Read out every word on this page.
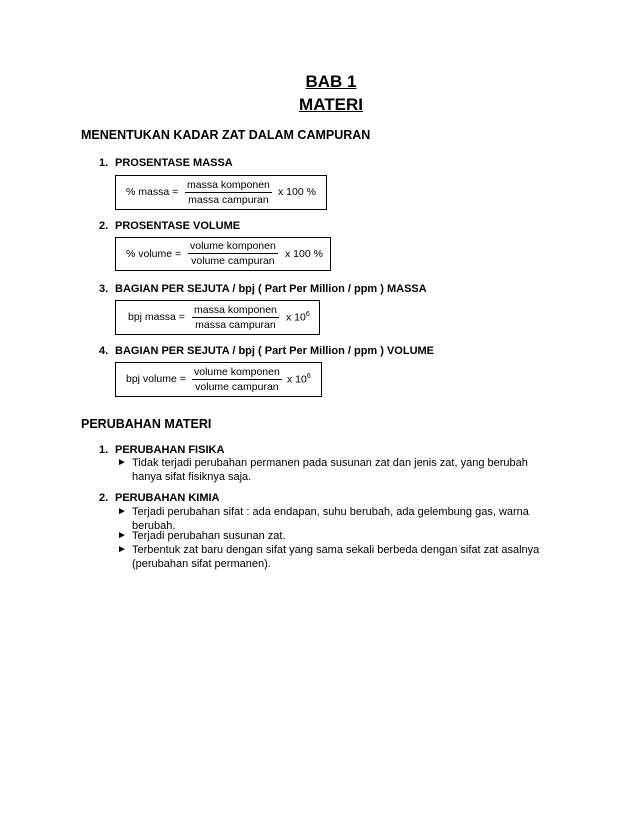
BAB 1
MATERI
MENENTUKAN KADAR ZAT DALAM CAMPURAN
1. PROSENTASE MASSA
% massa =
massa komponen
massa campuran
x 100 %
2. PROSENTASE VOLUME
% volume =
volume komponen
volume campuran
x 100 %
3. BAGIAN PER SEJUTA / bpj ( Part Per Million / ppm ) MASSA
bpj massa =
massa komponen
massa campuran
x $10^6$
4. BAGIAN PER SEJUTA / bpj ( Part Per Million / ppm ) VOLUME
bpj volume =
volume komponen
volume campuran
x $10^6$
PERUBAHAN MATERI
1. PERUBAHAN FISIKA
► Tidak terjadi perubahan permanen pada susunan zat dan jenis zat, yang berubah hanya sifat fisiknya saja.
2. PERUBAHAN KIMIA
► Terjadi perubahan sifat : ada endapan, suhu berubah, ada gelembung gas, warna berubah.
► Terjadi perubahan susunan zat.
► Terbentuk zat baru dengan sifat yang sama sekali berbeda dengan sifat zat asalnya (perubahan sifat permanen).
